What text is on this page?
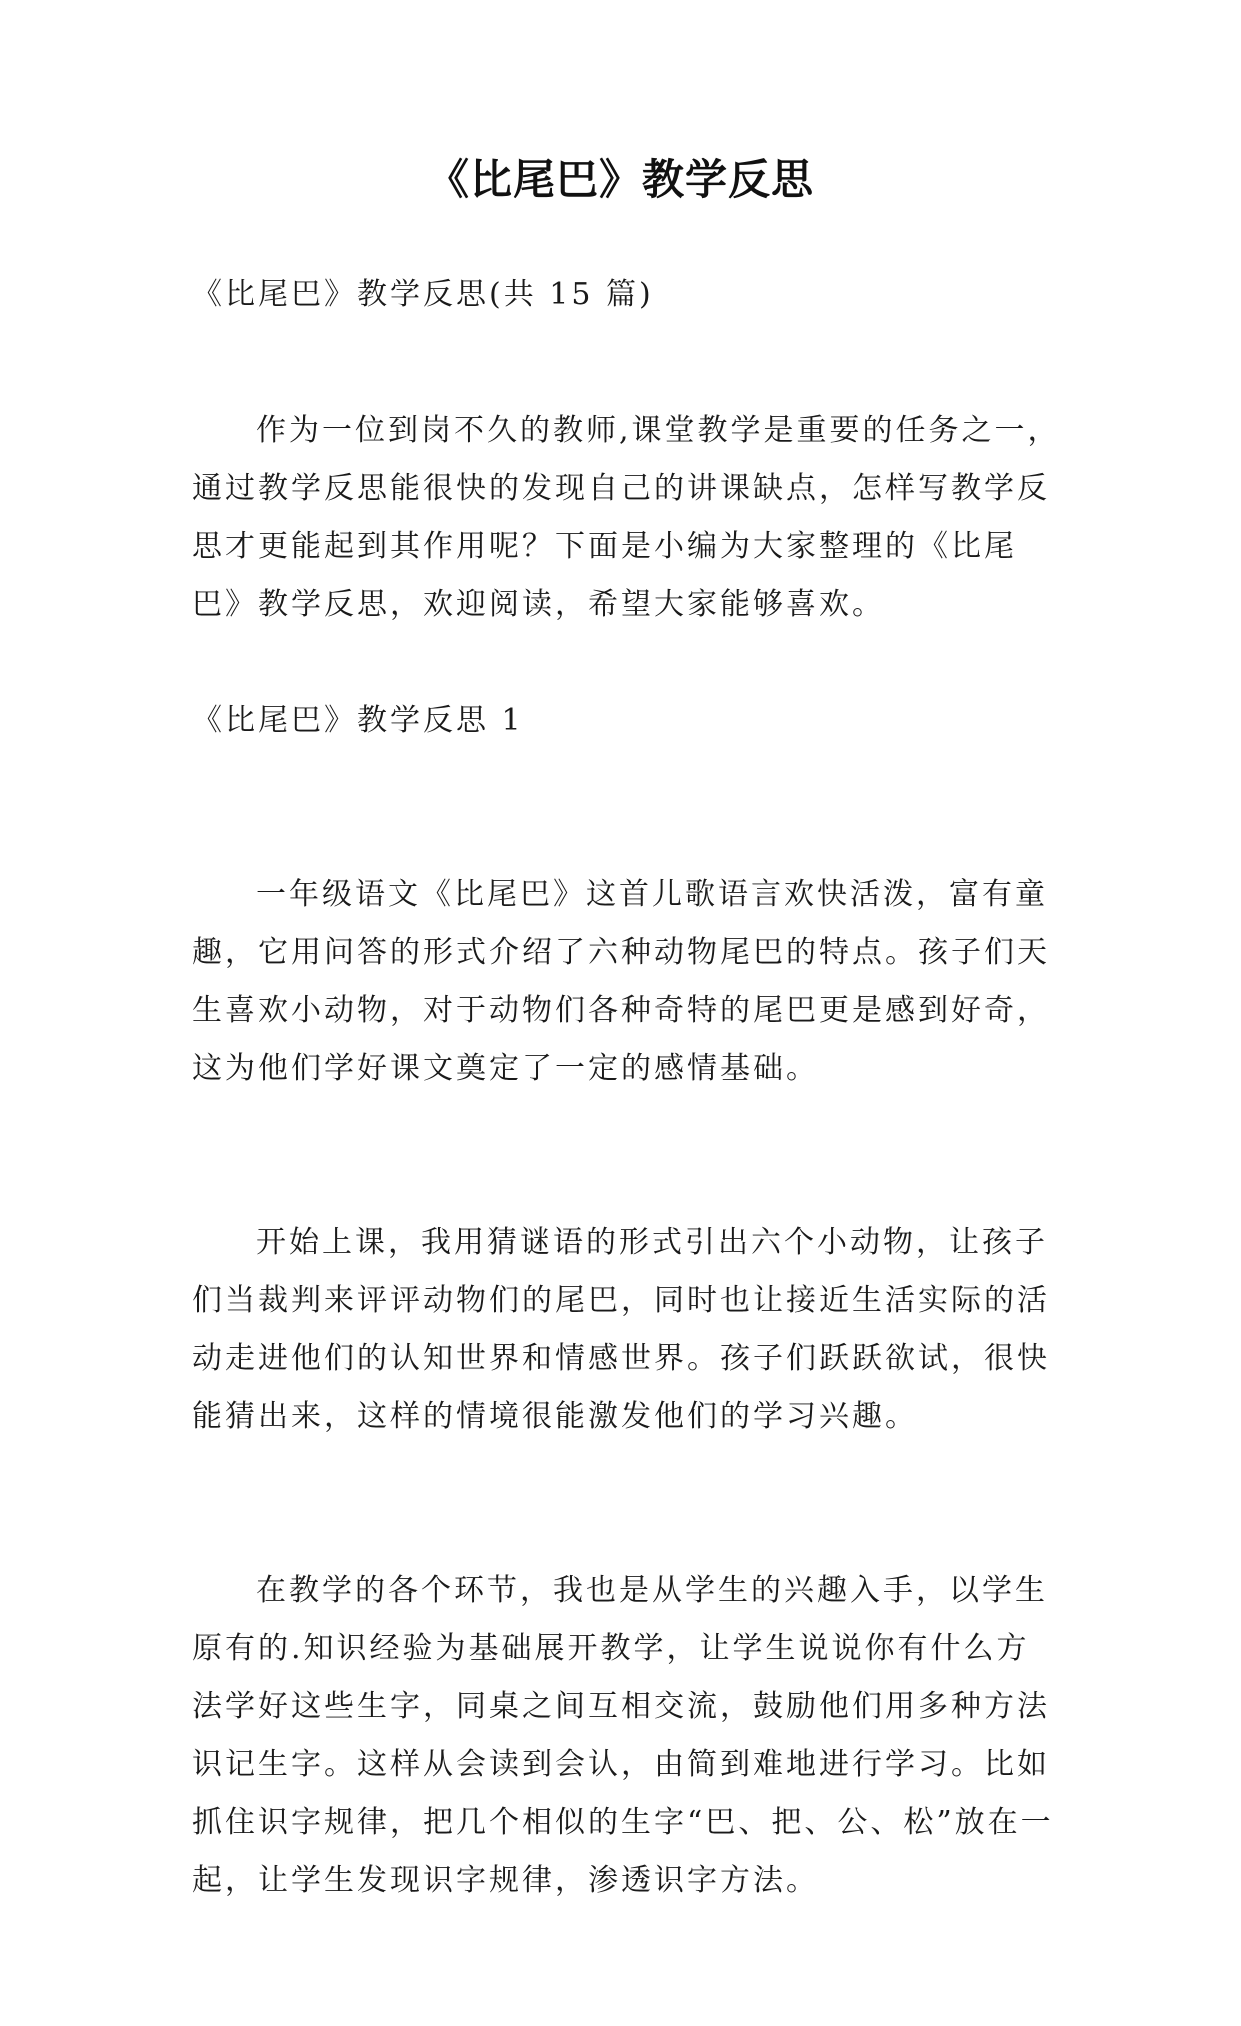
《比尾巴》教学反思

《比尾巴》教学反思(共 15 篇)

作为一位到岗不久的教师,课堂教学是重要的任务之一，通过教学反思能很快的发现自己的讲课缺点，怎样写教学反思才更能起到其作用呢？下面是小编为大家整理的《比尾巴》教学反思，欢迎阅读，希望大家能够喜欢。

《比尾巴》教学反思 1

一年级语文《比尾巴》这首儿歌语言欢快活泼，富有童趣，它用问答的形式介绍了六种动物尾巴的特点。孩子们天生喜欢小动物，对于动物们各种奇特的尾巴更是感到好奇，这为他们学好课文奠定了一定的感情基础。

开始上课，我用猜谜语的形式引出六个小动物，让孩子们当裁判来评评动物们的尾巴，同时也让接近生活实际的活动走进他们的认知世界和情感世界。孩子们跃跃欲试，很快能猜出来，这样的情境很能激发他们的学习兴趣。

在教学的各个环节，我也是从学生的兴趣入手，以学生原有的.知识经验为基础展开教学，让学生说说你有什么方法学好这些生字，同桌之间互相交流，鼓励他们用多种方法识记生字。这样从会读到会认，由简到难地进行学习。比如抓住识字规律，把几个相似的生字“巴、把、公、松”放在一起，让学生发现识字规律，渗透识字方法。
